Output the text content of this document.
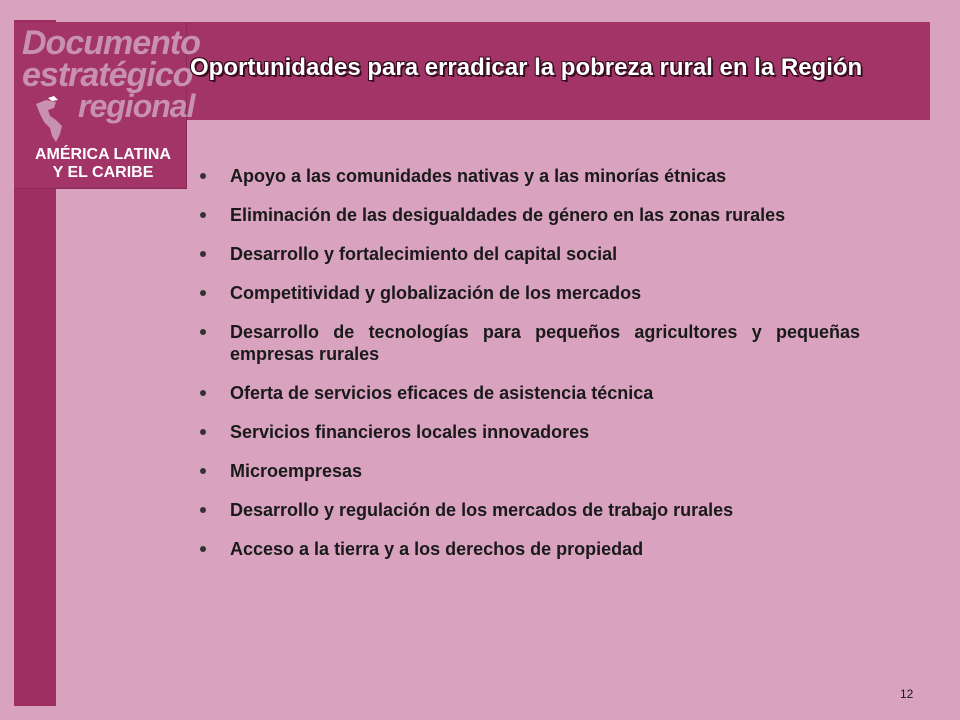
Documento
estratégico
regional
AMÉRICA LATINA
Y EL CARIBE
Oportunidades para erradicar la pobreza rural en la Región
Apoyo a las comunidades nativas y a las minorías étnicas
Eliminación de las desigualdades de género en las zonas rurales
Desarrollo y fortalecimiento del capital social
Competitividad y globalización de los mercados
Desarrollo de tecnologías para pequeños agricultores y pequeñas empresas rurales
Oferta de servicios eficaces de asistencia técnica
Servicios financieros locales innovadores
Microempresas
Desarrollo y regulación de los mercados de trabajo rurales
Acceso a la tierra y a los derechos de propiedad
12
